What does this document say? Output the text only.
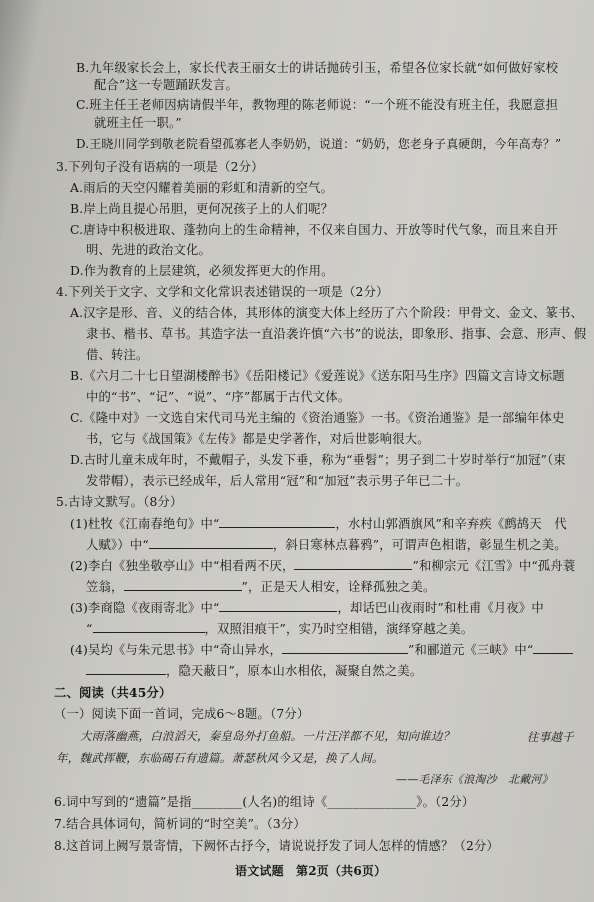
B.九年级家长会上，家长代表王丽女士的讲话抛砖引玉，希望各位家长就“如何做好家校
配合”这一专题踊跃发言。
C.班主任王老师因病请假半年，教物理的陈老师说：“一个班不能没有班主任，我愿意担
就班主任一职。”
D.王晓川同学到敬老院看望孤寡老人李奶奶，说道：“奶奶，您老身子真硬朗，今年高寿？”
3.下列句子没有语病的一项是（2分）
A.雨后的天空闪耀着美丽的彩虹和清新的空气。
B.岸上尚且提心吊胆，更何况孩子上的人们呢？
C.唐诗中积极进取、蓬勃向上的生命精神，不仅来自国力、开放等时代气象，而且来自开
明、先进的政治文化。
D.作为教育的上层建筑，必须发挥更大的作用。
4.下列关于文字、文学和文化常识表述错误的一项是（2分）
A.汉字是形、音、义的结合体，其形体的演变大体上经历了六个阶段：甲骨文、金文、篆书、
隶书、楷书、草书。其造字法一直沿袭许慎“六书”的说法，即象形、指事、会意、形声、假
借、转注。
B.《六月二十七日望湖楼醉书》《岳阳楼记》《爱莲说》《送东阳马生序》四篇文言诗文标题
中的“书”、“记”、“说”、“序”都属于古代文体。
C.《隆中对》一文选自宋代司马光主编的《资治通鉴》一书。《资治通鉴》是一部编年体史
书，它与《战国策》《左传》都是史学著作，对后世影响很大。
D.古时儿童未成年时，不戴帽子，头发下垂，称为“垂髫”；男子到二十岁时举行“加冠”（束
发带帽），表示已经成年，后人常用“冠”和“加冠”表示男子年已二十。
5.古诗文默写。（8分）
(1)杜牧《江南春绝句》中“	，水村山郭酒旗风”和辛弃疾《鹧鸪天　代
人赋》）中“	，斜日寒林点暮鸦”，可谓声色相谐，彰显生机之美。
(2)李白《独坐敬亭山》中“相看两不厌，	”和柳宗元《江雪》中“孤舟蓑
笠翁，	”，正是天人相安，诠释孤独之美。
(3)李商隐《夜雨寄北》中“	，却话巴山夜雨时”和杜甫《月夜》中
“	，双照泪痕干”，实乃时空相错，演绎穿越之美。
(4)吴均《与朱元思书》中“奇山异水，	”和郦道元《三峡》中“
，隐天蔽日”，原本山水相依，凝聚自然之美。
二、阅读（共45分）
（一）阅读下面一首词，完成6～8题。（7分）
大雨落幽燕，白浪滔天，秦皇岛外打鱼船。一片汪洋都不见，知向谁边？	往事越千
年，魏武挥鞭，东临碣石有遗篇。萧瑟秋风今又是，换了人间。
——毛泽东《浪淘沙　北戴河》
6.词中写到的“遗篇”是指________(人名)的组诗《______________》。（2分）
7.结合具体词句，简析词的“时空美”。（3分）
8.这首词上阙写景寄情，下阙怀古抒今，请说说抒发了词人怎样的情感？（2分）
语文试题　第2页（共6页）
